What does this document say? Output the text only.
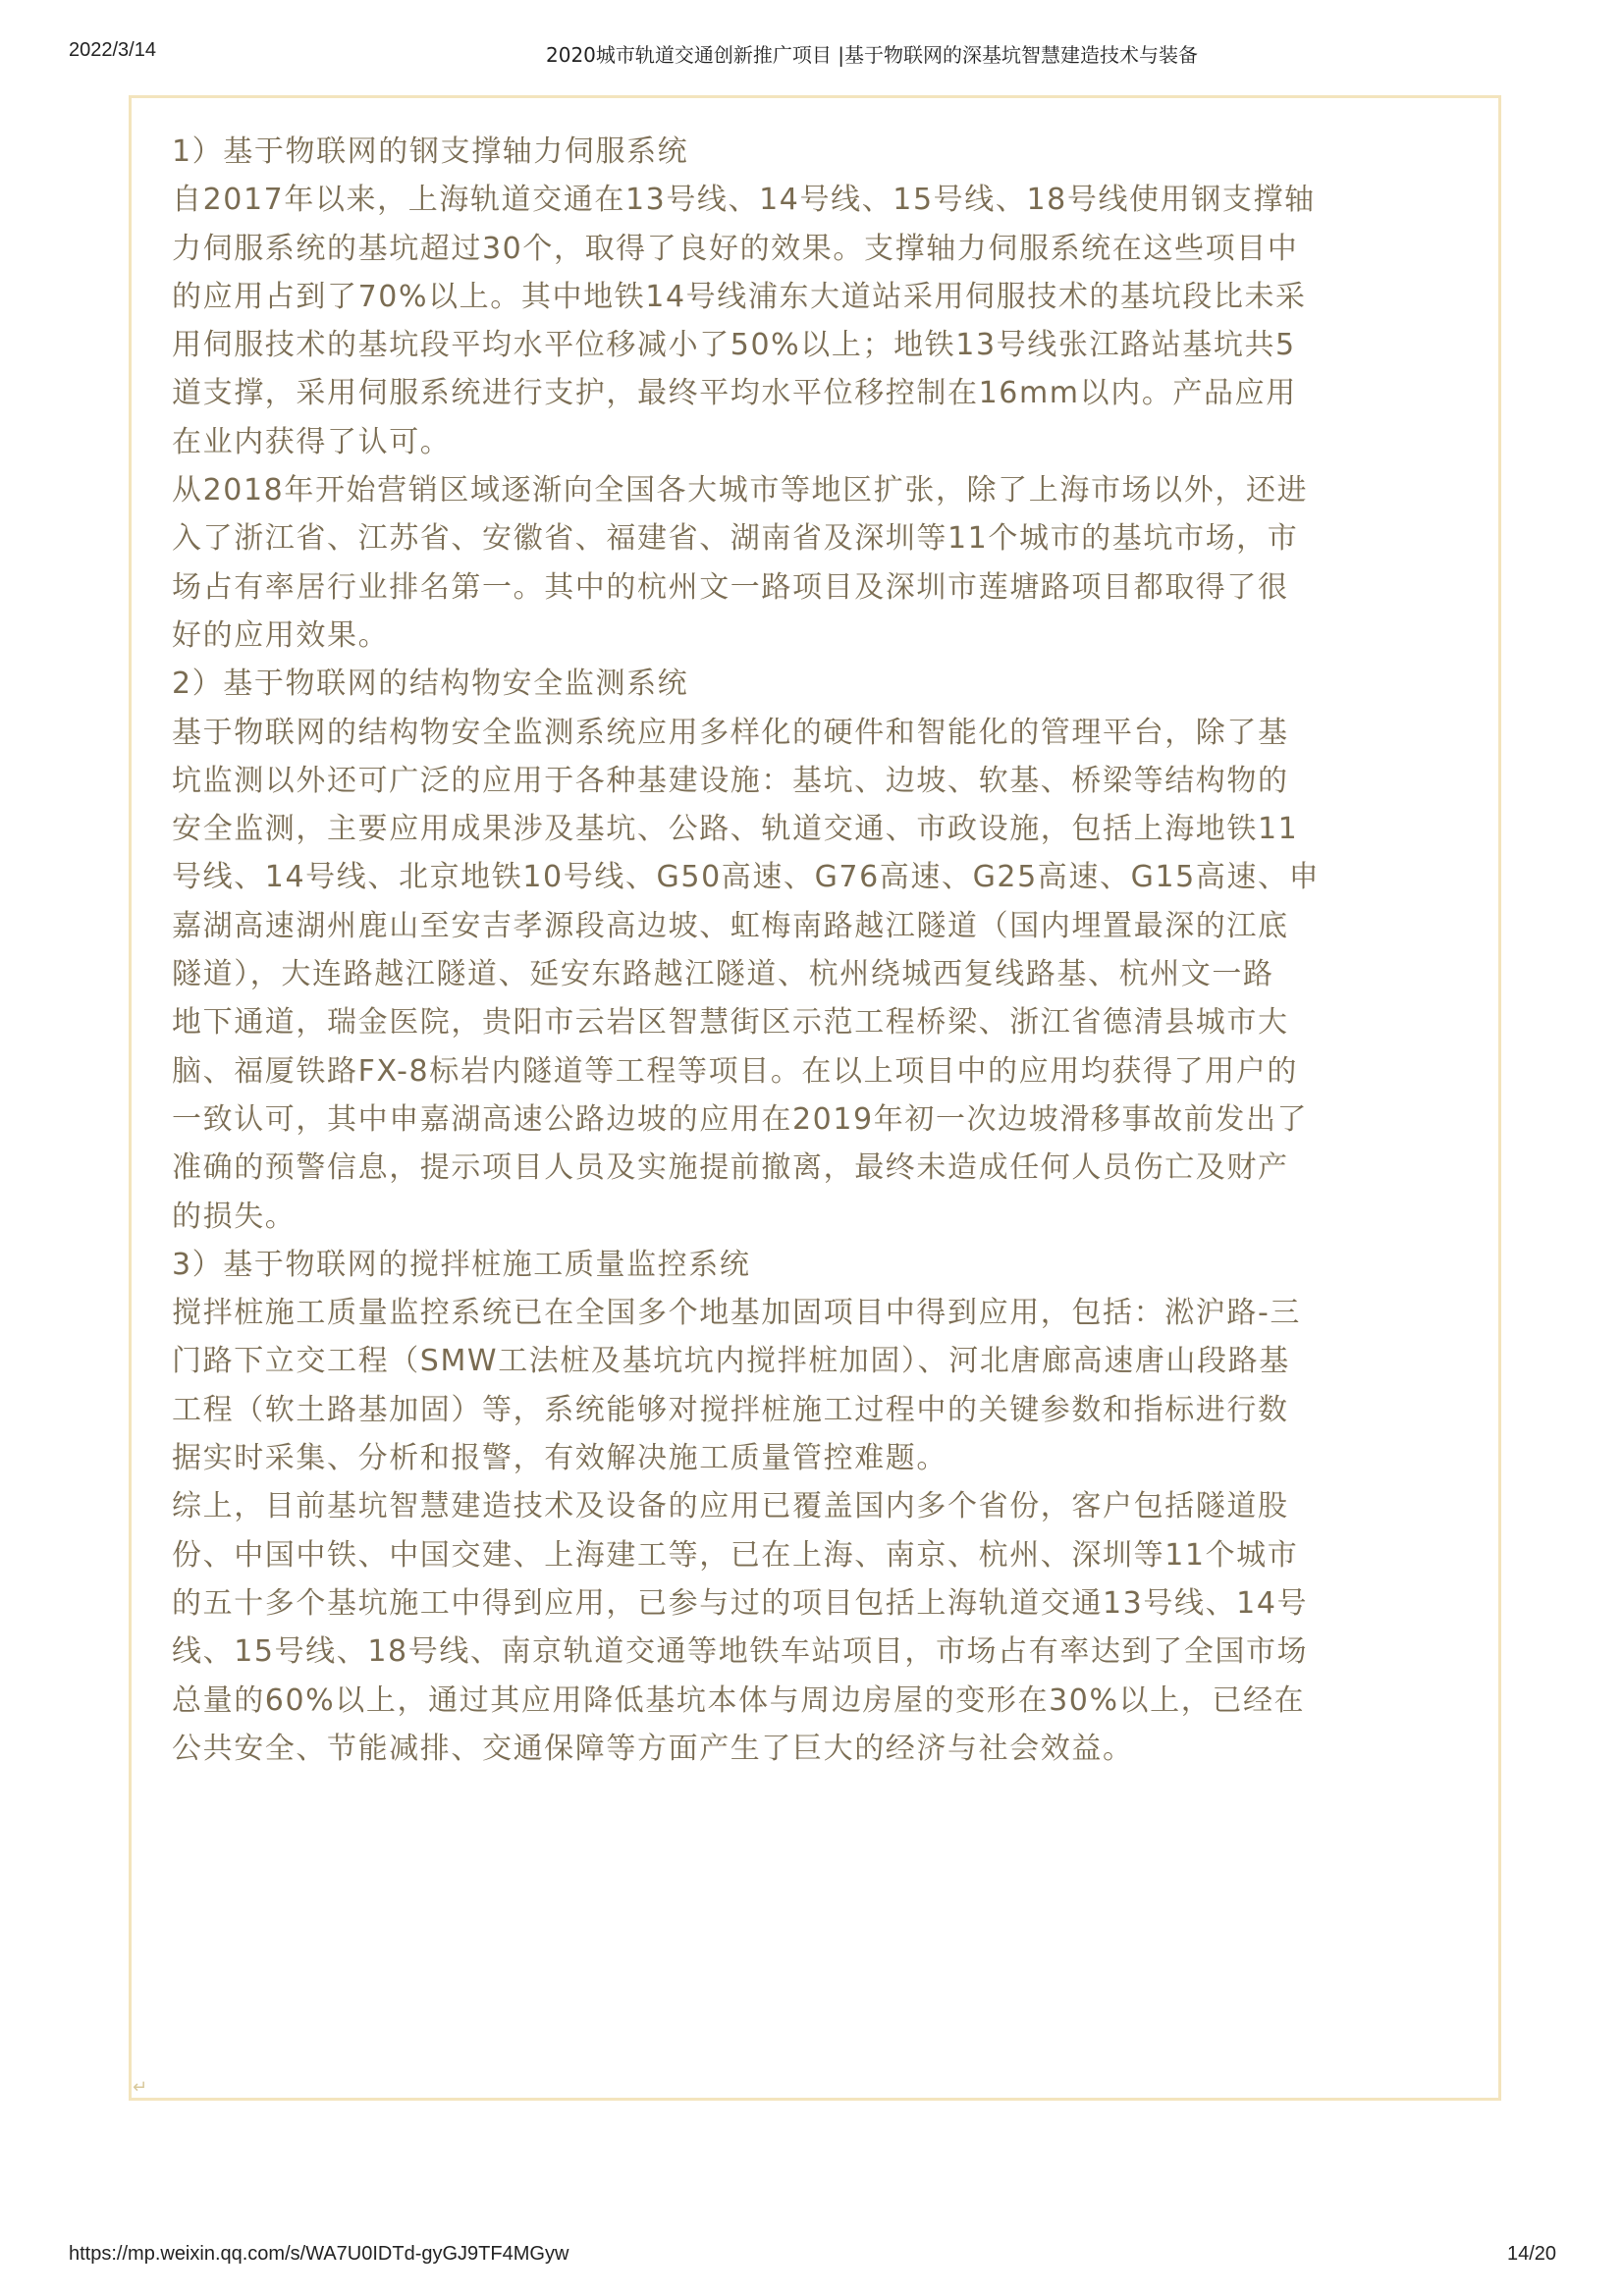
2022/3/14	2020城市轨道交通创新推广项目 |基于物联网的深基坑智慧建造技术与装备

1）基于物联网的钢支撑轴力伺服系统

自2017年以来，上海轨道交通在13号线、14号线、15号线、18号线使用钢支撑轴

力伺服系统的基坑超过30个，取得了良好的效果。支撑轴力伺服系统在这些项目中

的应用占到了70%以上。其中地铁14号线浦东大道站采用伺服技术的基坑段比未采

用伺服技术的基坑段平均水平位移减小了50%以上；地铁13号线张江路站基坑共5

道支撑，采用伺服系统进行支护，最终平均水平位移控制在16mm以内。产品应用

在业内获得了认可。

从2018年开始营销区域逐渐向全国各大城市等地区扩张，除了上海市场以外，还进

入了浙江省、江苏省、安徽省、福建省、湖南省及深圳等11个城市的基坑市场，市

场占有率居行业排名第一。其中的杭州文一路项目及深圳市莲塘路项目都取得了很

好的应用效果。

2）基于物联网的结构物安全监测系统

基于物联网的结构物安全监测系统应用多样化的硬件和智能化的管理平台，除了基

坑监测以外还可广泛的应用于各种基建设施：基坑、边坡、软基、桥梁等结构物的

安全监测，主要应用成果涉及基坑、公路、轨道交通、市政设施，包括上海地铁11

号线、14号线、北京地铁10号线、G50高速、G76高速、G25高速、G15高速、申

嘉湖高速湖州鹿山至安吉孝源段高边坡、虹梅南路越江隧道（国内埋置最深的江底

隧道），大连路越江隧道、延安东路越江隧道、杭州绕城西复线路基、杭州文一路

地下通道，瑞金医院，贵阳市云岩区智慧街区示范工程桥梁、浙江省德清县城市大

脑、福厦铁路FX-8标岩内隧道等工程等项目。在以上项目中的应用均获得了用户的

一致认可，其中申嘉湖高速公路边坡的应用在2019年初一次边坡滑移事故前发出了

准确的预警信息，提示项目人员及实施提前撤离，最终未造成任何人员伤亡及财产

的损失。

3）基于物联网的搅拌桩施工质量监控系统

搅拌桩施工质量监控系统已在全国多个地基加固项目中得到应用，包括：淞沪路-三

门路下立交工程（SMW工法桩及基坑坑内搅拌桩加固）、河北唐廊高速唐山段路基

工程（软土路基加固）等，系统能够对搅拌桩施工过程中的关键参数和指标进行数

据实时采集、分析和报警，有效解决施工质量管控难题。

综上，目前基坑智慧建造技术及设备的应用已覆盖国内多个省份，客户包括隧道股

份、中国中铁、中国交建、上海建工等，已在上海、南京、杭州、深圳等11个城市

的五十多个基坑施工中得到应用，已参与过的项目包括上海轨道交通13号线、14号

线、15号线、18号线、南京轨道交通等地铁车站项目，市场占有率达到了全国市场

总量的60%以上，通过其应用降低基坑本体与周边房屋的变形在30%以上，已经在

公共安全、节能减排、交通保障等方面产生了巨大的经济与社会效益。

↵
https://mp.weixin.qq.com/s/WA7U0IDTd-gyGJ9TF4MGyw	14/20
